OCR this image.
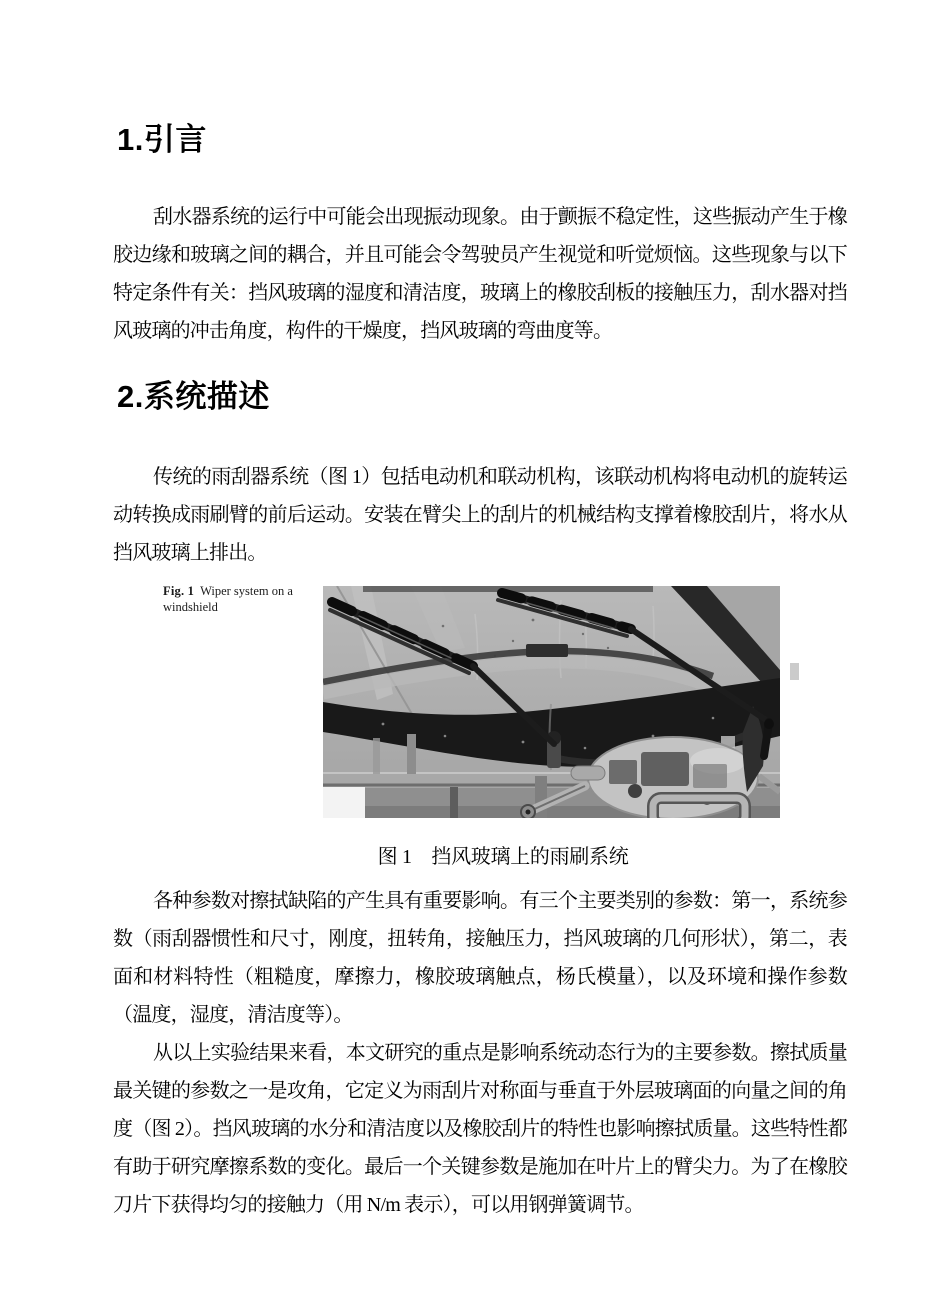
1.引言

刮水器系统的运行中可能会出现振动现象。由于颤振不稳定性，这些振动产生于橡胶边缘和玻璃之间的耦合，并且可能会令驾驶员产生视觉和听觉烦恼。这些现象与以下特定条件有关：挡风玻璃的湿度和清洁度，玻璃上的橡胶刮板的接触压力，刮水器对挡风玻璃的冲击角度，构件的干燥度，挡风玻璃的弯曲度等。

2.系统描述

传统的雨刮器系统（图 1）包括电动机和联动机构，该联动机构将电动机的旋转运动转换成雨刷臂的前后运动。安装在臂尖上的刮片的机械结构支撑着橡胶刮片，将水从挡风玻璃上排出。

Fig. 1 Wiper system on a windshield
图 1　挡风玻璃上的雨刷系统

各种参数对擦拭缺陷的产生具有重要影响。有三个主要类别的参数：第一，系统参数（雨刮器惯性和尺寸，刚度，扭转角，接触压力，挡风玻璃的几何形状），第二，表面和材料特性（粗糙度，摩擦力，橡胶玻璃触点，杨氏模量），以及环境和操作参数（温度，湿度，清洁度等）。

从以上实验结果来看，本文研究的重点是影响系统动态行为的主要参数。擦拭质量最关键的参数之一是攻角，它定义为雨刮片对称面与垂直于外层玻璃面的向量之间的角度（图 2）。挡风玻璃的水分和清洁度以及橡胶刮片的特性也影响擦拭质量。这些特性都有助于研究摩擦系数的变化。最后一个关键参数是施加在叶片上的臂尖力。为了在橡胶刀片下获得均匀的接触力（用 N/m 表示），可以用钢弹簧调节。
